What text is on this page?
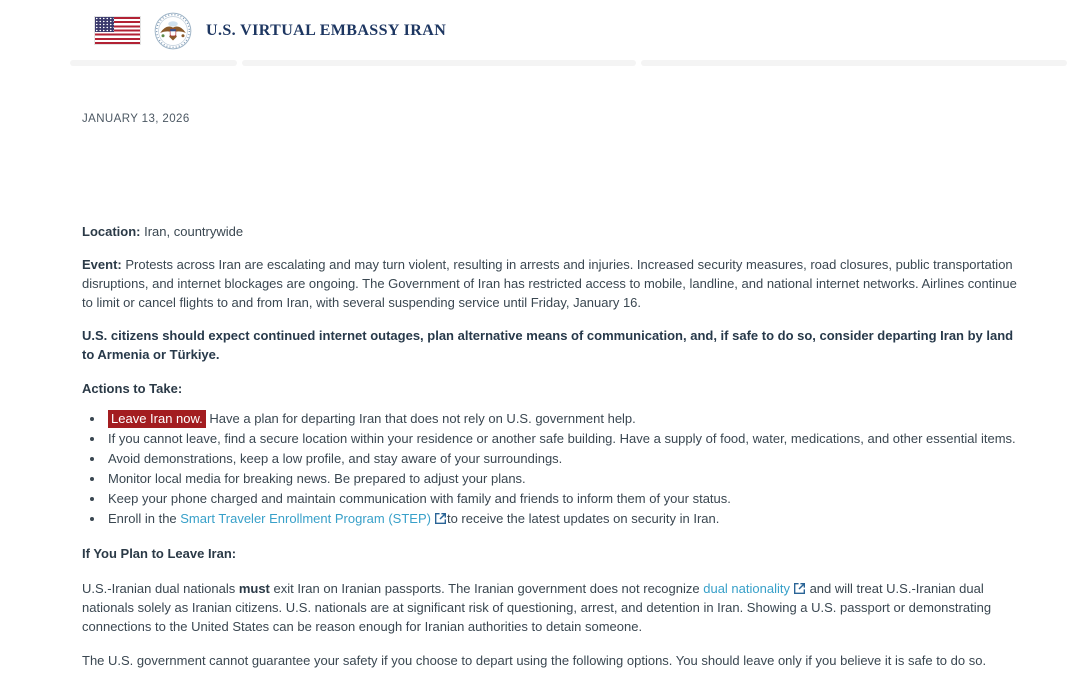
U.S. VIRTUAL EMBASSY IRAN
JANUARY 13, 2026

Location: Iran, countrywide

Event: Protests across Iran are escalating and may turn violent, resulting in arrests and injuries. Increased security measures, road closures, public transportation disruptions, and internet blockages are ongoing. The Government of Iran has restricted access to mobile, landline, and national internet networks. Airlines continue to limit or cancel flights to and from Iran, with several suspending service until Friday, January 16.

U.S. citizens should expect continued internet outages, plan alternative means of communication, and, if safe to do so, consider departing Iran by land to Armenia or Türkiye.

Actions to Take:

• Leave Iran now. Have a plan for departing Iran that does not rely on U.S. government help.
• If you cannot leave, find a secure location within your residence or another safe building. Have a supply of food, water, medications, and other essential items.
• Avoid demonstrations, keep a low profile, and stay aware of your surroundings.
• Monitor local media for breaking news. Be prepared to adjust your plans.
• Keep your phone charged and maintain communication with family and friends to inform them of your status.
• Enroll in the Smart Traveler Enrollment Program (STEP) to receive the latest updates on security in Iran.

If You Plan to Leave Iran:

U.S.-Iranian dual nationals must exit Iran on Iranian passports. The Iranian government does not recognize dual nationality and will treat U.S.-Iranian dual nationals solely as Iranian citizens. U.S. nationals are at significant risk of questioning, arrest, and detention in Iran. Showing a U.S. passport or demonstrating connections to the United States can be reason enough for Iranian authorities to detain someone.

The U.S. government cannot guarantee your safety if you choose to depart using the following options. You should leave only if you believe it is safe to do so.
